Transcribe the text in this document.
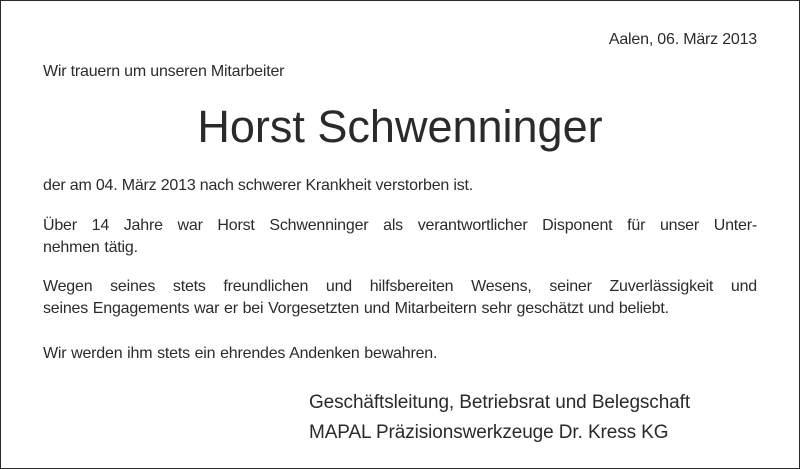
Aalen, 06. März 2013
Wir trauern um unseren Mitarbeiter
Horst Schwenninger
der am 04. März 2013 nach schwerer Krankheit verstorben ist.
Über 14 Jahre war Horst Schwenninger als verantwortlicher Disponent für unser Unter-
nehmen tätig.
Wegen seines stets freundlichen und hilfsbereiten Wesens, seiner Zuverlässigkeit und
seines Engagements war er bei Vorgesetzten und Mitarbeitern sehr geschätzt und beliebt.
Wir werden ihm stets ein ehrendes Andenken bewahren.
Geschäftsleitung, Betriebsrat und Belegschaft
MAPAL Präzisionswerkzeuge Dr. Kress KG
